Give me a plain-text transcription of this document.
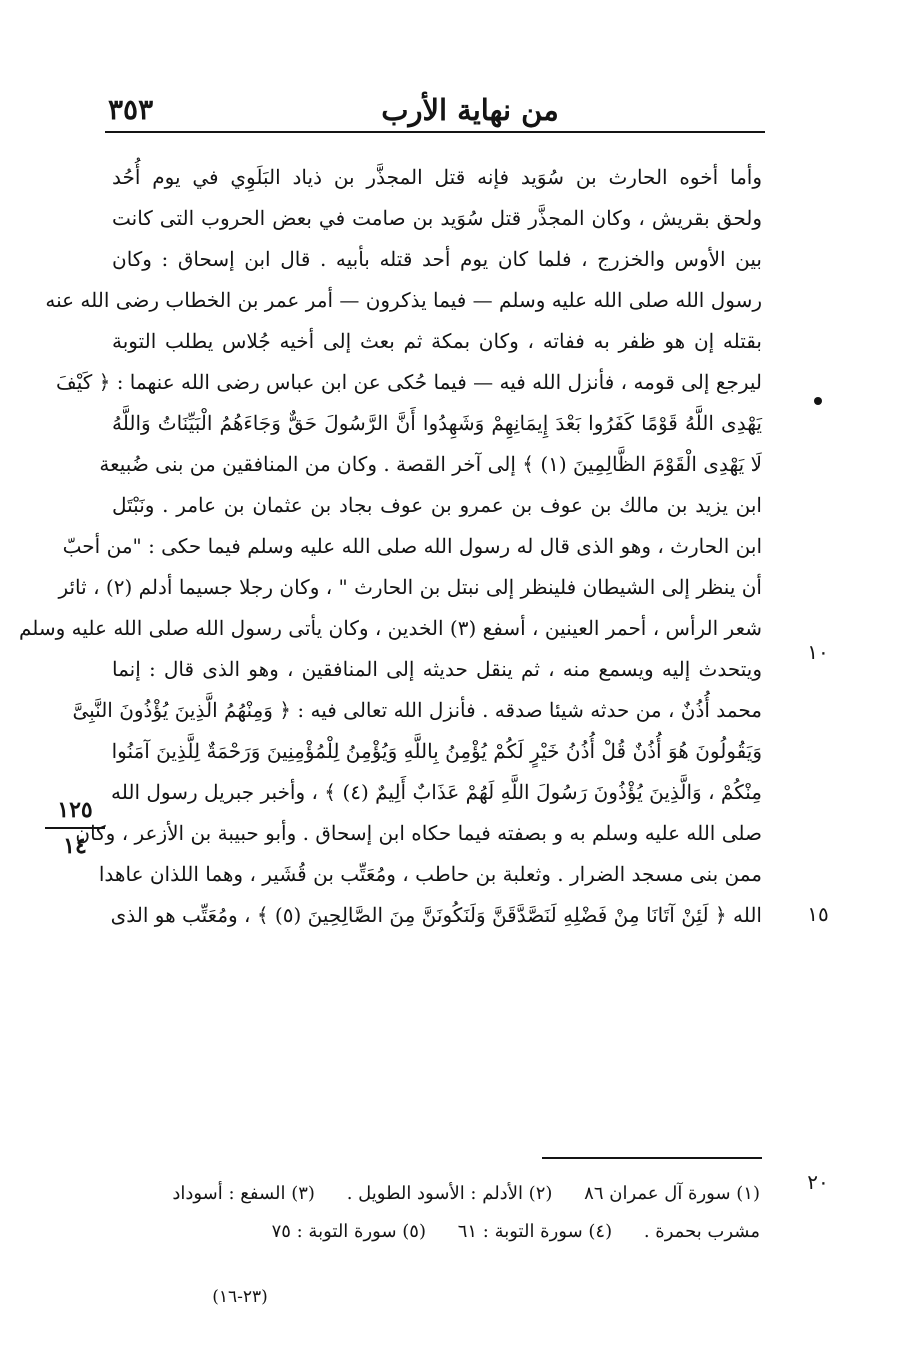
من نهاية الأرب
٣٥٣
وأما أخوه الحارث بن سُوَيد فإنه قتل المجذَّر بن ذياد البَلَوِي في يوم أُحُد
ولحق بقريش ، وكان المجذَّر قتل سُوَيد بن صامت في بعض الحروب التى كانت
بين الأوس والخزرج ، فلما كان يوم أحد قتله بأبيه . قال ابن إسحاق : وكان
رسول الله صلى الله عليه وسلم — فيما يذكرون — أمر عمر بن الخطاب رضى الله عنه
بقتله إن هو ظفر به ففاته ، وكان بمكة ثم بعث إلى أخيه جُلاس يطلب التوبة
ليرجع إلى قومه ، فأنزل الله فيه — فيما حُكى عن ابن عباس رضى الله عنهما : ﴿ كَيْفَ
يَهْدِى اللَّهُ قَوْمًا كَفَرُوا بَعْدَ إِيمَانِهِمْ وَشَهِدُوا أَنَّ الرَّسُولَ حَقٌّ وَجَاءَهُمُ الْبَيِّنَاتُ وَاللَّهُ
لَا يَهْدِى الْقَوْمَ الظَّالِمِينَ (١) ﴾ إلى آخر القصة . وكان من المنافقين من بنى ضُبيعة
ابن يزيد بن مالك بن عوف بن عمرو بن عوف بجاد بن عثمان بن عامر . ونَبْتَل
ابن الحارث ، وهو الذى قال له رسول الله صلى الله عليه وسلم فيما حكى : "من أحبّ
أن ينظر إلى الشيطان فلينظر إلى نبتل بن الحارث " ، وكان رجلا جسيما أدلم (٢) ، ثائر
شعر الرأس ، أحمر العينين ، أسفع (٣) الخدين ، وكان يأتى رسول الله صلى الله عليه وسلم
ويتحدث إليه ويسمع منه ، ثم ينقل حديثه إلى المنافقين ، وهو الذى قال : إنما
محمد أُذُنٌ ، من حدثه شيئا صدقه . فأنزل الله تعالى فيه : ﴿ وَمِنْهُمُ الَّذِينَ يُؤْذُونَ النَّبِىَّ
وَيَقُولُونَ هُوَ أُذُنٌ قُلْ أُذُنُ خَيْرٍ لَكُمْ يُؤْمِنُ بِاللَّهِ وَيُؤْمِنُ لِلْمُؤْمِنِينَ وَرَحْمَةٌ لِلَّذِينَ آمَنُوا
مِنْكُمْ ، وَالَّذِينَ يُؤْذُونَ رَسُولَ اللَّهِ لَهُمْ عَذَابٌ أَلِيمٌ (٤) ﴾ ، وأخبر جبريل رسول الله
صلى الله عليه وسلم به و بصفته فيما حكاه ابن إسحاق . وأبو حبيبة بن الأزعر ، وكان
ممن بنى مسجد الضرار . وثعلبة بن حاطب ، ومُعَتِّب بن قُشَير ، وهما اللذان عاهدا
الله ﴿ لَئِنْ آتَانَا مِنْ فَضْلِهِ لَنَصَّدَّقَنَّ وَلَنَكُونَنَّ مِنَ الصَّالِحِينَ (٥) ﴾ ، ومُعَتِّب هو الذى
١٠
١٥
٢٠
١٢٥
١٤
(١) سورة آل عمران ٨٦ (٢) الأدلم : الأسود الطويل . (٣) السفع : أسوداد
مشرب بحمرة . (٤) سورة التوبة : ٦١ (٥) سورة التوبة : ٧٥
(٢٣-١٦)
